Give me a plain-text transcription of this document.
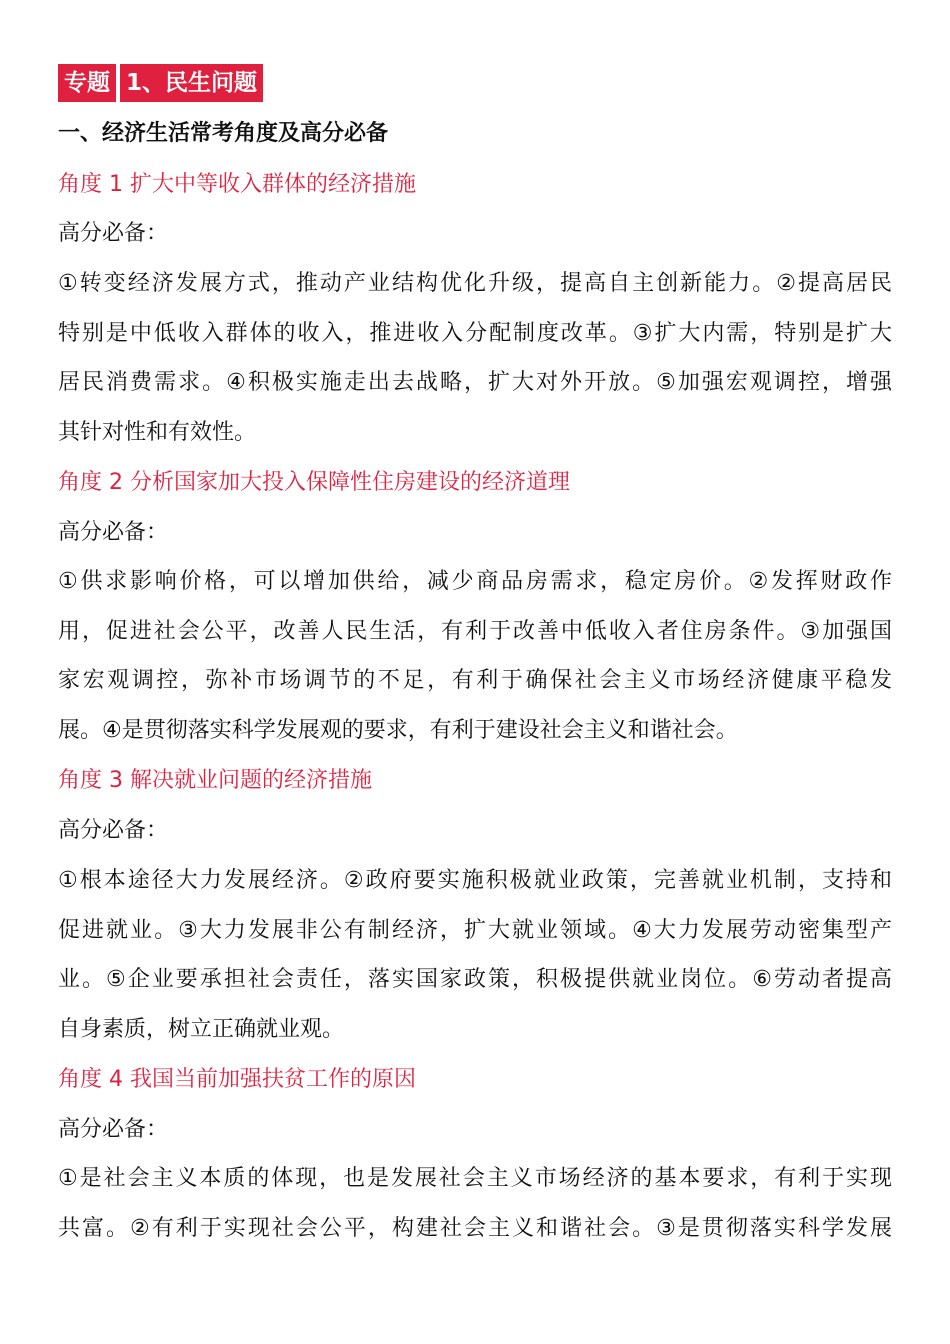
专题 1、民生问题
一、经济生活常考角度及高分必备
角度 1 扩大中等收入群体的经济措施
高分必备：
①转变经济发展方式，推动产业结构优化升级，提高自主创新能力。②提高居民
特别是中低收入群体的收入，推进收入分配制度改革。③扩大内需，特别是扩大
居民消费需求。④积极实施走出去战略，扩大对外开放。⑤加强宏观调控，增强
其针对性和有效性。
角度 2 分析国家加大投入保障性住房建设的经济道理
高分必备：
①供求影响价格，可以增加供给，减少商品房需求，稳定房价。②发挥财政作
用，促进社会公平，改善人民生活，有利于改善中低收入者住房条件。③加强国
家宏观调控，弥补市场调节的不足，有利于确保社会主义市场经济健康平稳发
展。④是贯彻落实科学发展观的要求，有利于建设社会主义和谐社会。
角度 3 解决就业问题的经济措施
高分必备：
①根本途径大力发展经济。②政府要实施积极就业政策，完善就业机制，支持和
促进就业。③大力发展非公有制经济，扩大就业领域。④大力发展劳动密集型产
业。⑤企业要承担社会责任，落实国家政策，积极提供就业岗位。⑥劳动者提高
自身素质，树立正确就业观。
角度 4 我国当前加强扶贫工作的原因
高分必备：
①是社会主义本质的体现，也是发展社会主义市场经济的基本要求，有利于实现
共富。②有利于实现社会公平，构建社会主义和谐社会。③是贯彻落实科学发展
